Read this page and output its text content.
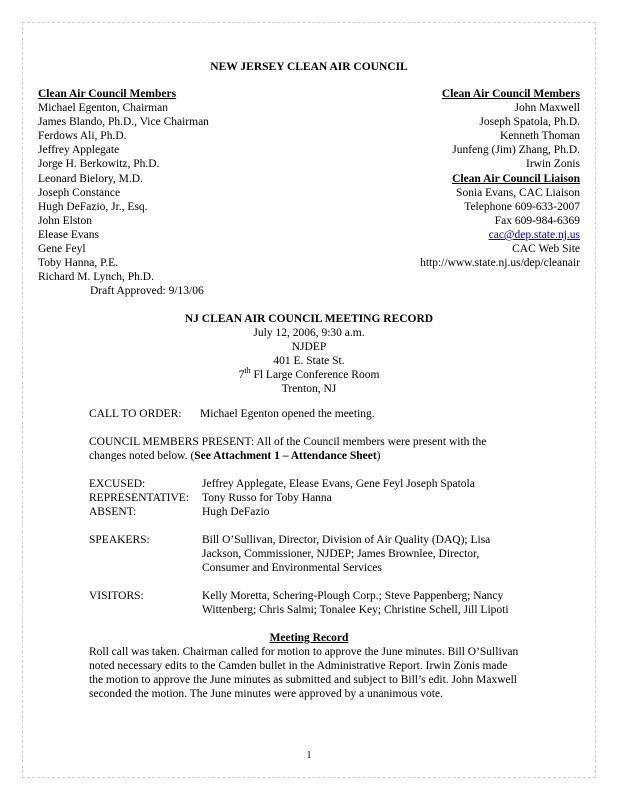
NEW JERSEY CLEAN AIR COUNCIL
Clean Air Council Members
Michael Egenton, Chairman
James Blando, Ph.D., Vice Chairman
Ferdows Ali, Ph.D.
Jeffrey Applegate
Jorge H. Berkowitz, Ph.D.
Leonard Bielory, M.D.
Joseph Constance
Hugh DeFazio, Jr., Esq.
John Elston
Elease Evans
Gene Feyl
Toby Hanna, P.E.
Richard M. Lynch, Ph.D.
Draft Approved: 9/13/06
Clean Air Council Members
John Maxwell
Joseph Spatola, Ph.D.
Kenneth Thoman
Junfeng (Jim) Zhang, Ph.D.
Irwin Zonis
Clean Air Council Liaison
Sonia Evans, CAC Liaison
Telephone 609-633-2007
Fax 609-984-6369
cac@dep.state.nj.us
CAC Web Site
http://www.state.nj.us/dep/cleanair
NJ CLEAN AIR COUNCIL MEETING RECORD
July 12, 2006, 9:30 a.m.
NJDEP
401 E. State St.
7th Fl Large Conference Room
Trenton, NJ
CALL TO ORDER: Michael Egenton opened the meeting.
COUNCIL MEMBERS PRESENT: All of the Council members were present with the changes noted below. (See Attachment 1 – Attendance Sheet)
EXCUSED:	Jeffrey Applegate, Elease Evans, Gene Feyl Joseph Spatola
REPRESENTATIVE: Tony Russo for Toby Hanna
ABSENT:	Hugh DeFazio
SPEAKERS:	Bill O’Sullivan, Director, Division of Air Quality (DAQ); Lisa Jackson, Commissioner, NJDEP; James Brownlee, Director, Consumer and Environmental Services
VISITORS:	Kelly Moretta, Schering-Plough Corp.; Steve Pappenberg; Nancy Wittenberg; Chris Salmi; Tonalee Key; Christine Schell, Jill Lipoti
Meeting Record
Roll call was taken. Chairman called for motion to approve the June minutes. Bill O’Sullivan noted necessary edits to the Camden bullet in the Administrative Report. Irwin Zonis made the motion to approve the June minutes as submitted and subject to Bill’s edit. John Maxwell seconded the motion. The June minutes were approved by a unanimous vote.
1
